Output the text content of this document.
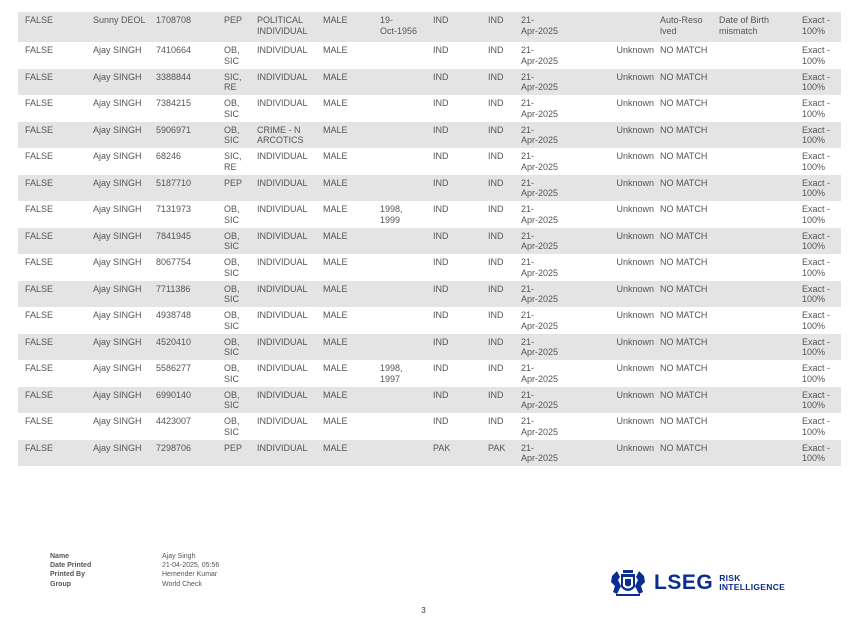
FALSE	Sunny DEOL	1708708	PEP	POLITICAL INDIVIDUAL	MALE	19-
Oct-1956	IND	IND	21-
Apr-2025		Auto-Reso lved	Date of Birth mismatch	Exact -
100%
FALSE	Ajay SINGH	7410664	OB,
SIC	INDIVIDUAL	MALE		IND	IND	21-
Apr-2025	Unknown	NO MATCH		Exact -
100%
FALSE	Ajay SINGH	3388844	SIC,
RE	INDIVIDUAL	MALE		IND	IND	21-
Apr-2025	Unknown	NO MATCH		Exact -
100%
FALSE	Ajay SINGH	7384215	OB,
SIC	INDIVIDUAL	MALE		IND	IND	21-
Apr-2025	Unknown	NO MATCH		Exact -
100%
FALSE	Ajay SINGH	5906971	OB,
SIC	CRIME - N ARCOTICS	MALE		IND	IND	21-
Apr-2025	Unknown	NO MATCH		Exact -
100%
FALSE	Ajay SINGH	68246	SIC,
RE	INDIVIDUAL	MALE		IND	IND	21-
Apr-2025	Unknown	NO MATCH		Exact -
100%
FALSE	Ajay SINGH	5187710	PEP	INDIVIDUAL	MALE		IND	IND	21-
Apr-2025	Unknown	NO MATCH		Exact -
100%
FALSE	Ajay SINGH	7131973	OB,
SIC	INDIVIDUAL	MALE	1998,
1999	IND	IND	21-
Apr-2025	Unknown	NO MATCH		Exact -
100%
FALSE	Ajay SINGH	7841945	OB,
SIC	INDIVIDUAL	MALE		IND	IND	21-
Apr-2025	Unknown	NO MATCH		Exact -
100%
FALSE	Ajay SINGH	8067754	OB,
SIC	INDIVIDUAL	MALE		IND	IND	21-
Apr-2025	Unknown	NO MATCH		Exact -
100%
FALSE	Ajay SINGH	7711386	OB,
SIC	INDIVIDUAL	MALE		IND	IND	21-
Apr-2025	Unknown	NO MATCH		Exact -
100%
FALSE	Ajay SINGH	4938748	OB,
SIC	INDIVIDUAL	MALE		IND	IND	21-
Apr-2025	Unknown	NO MATCH		Exact -
100%
FALSE	Ajay SINGH	4520410	OB,
SIC	INDIVIDUAL	MALE		IND	IND	21-
Apr-2025	Unknown	NO MATCH		Exact -
100%
FALSE	Ajay SINGH	5586277	OB,
SIC	INDIVIDUAL	MALE	1998,
1997	IND	IND	21-
Apr-2025	Unknown	NO MATCH		Exact -
100%
FALSE	Ajay SINGH	6990140	OB,
SIC	INDIVIDUAL	MALE		IND	IND	21-
Apr-2025	Unknown	NO MATCH		Exact -
100%
FALSE	Ajay SINGH	4423007	OB,
SIC	INDIVIDUAL	MALE		IND	IND	21-
Apr-2025	Unknown	NO MATCH		Exact -
100%
FALSE	Ajay SINGH	7298706	PEP	INDIVIDUAL	MALE		PAK	PAK	21-
Apr-2025	Unknown	NO MATCH		Exact -
100%
Name	Ajay Singh
Date Printed	21-04-2025, 05:56
Printed By	Hemender Kumar
Group	World Check	LSEG RISK
INTELLIGENCE
3
